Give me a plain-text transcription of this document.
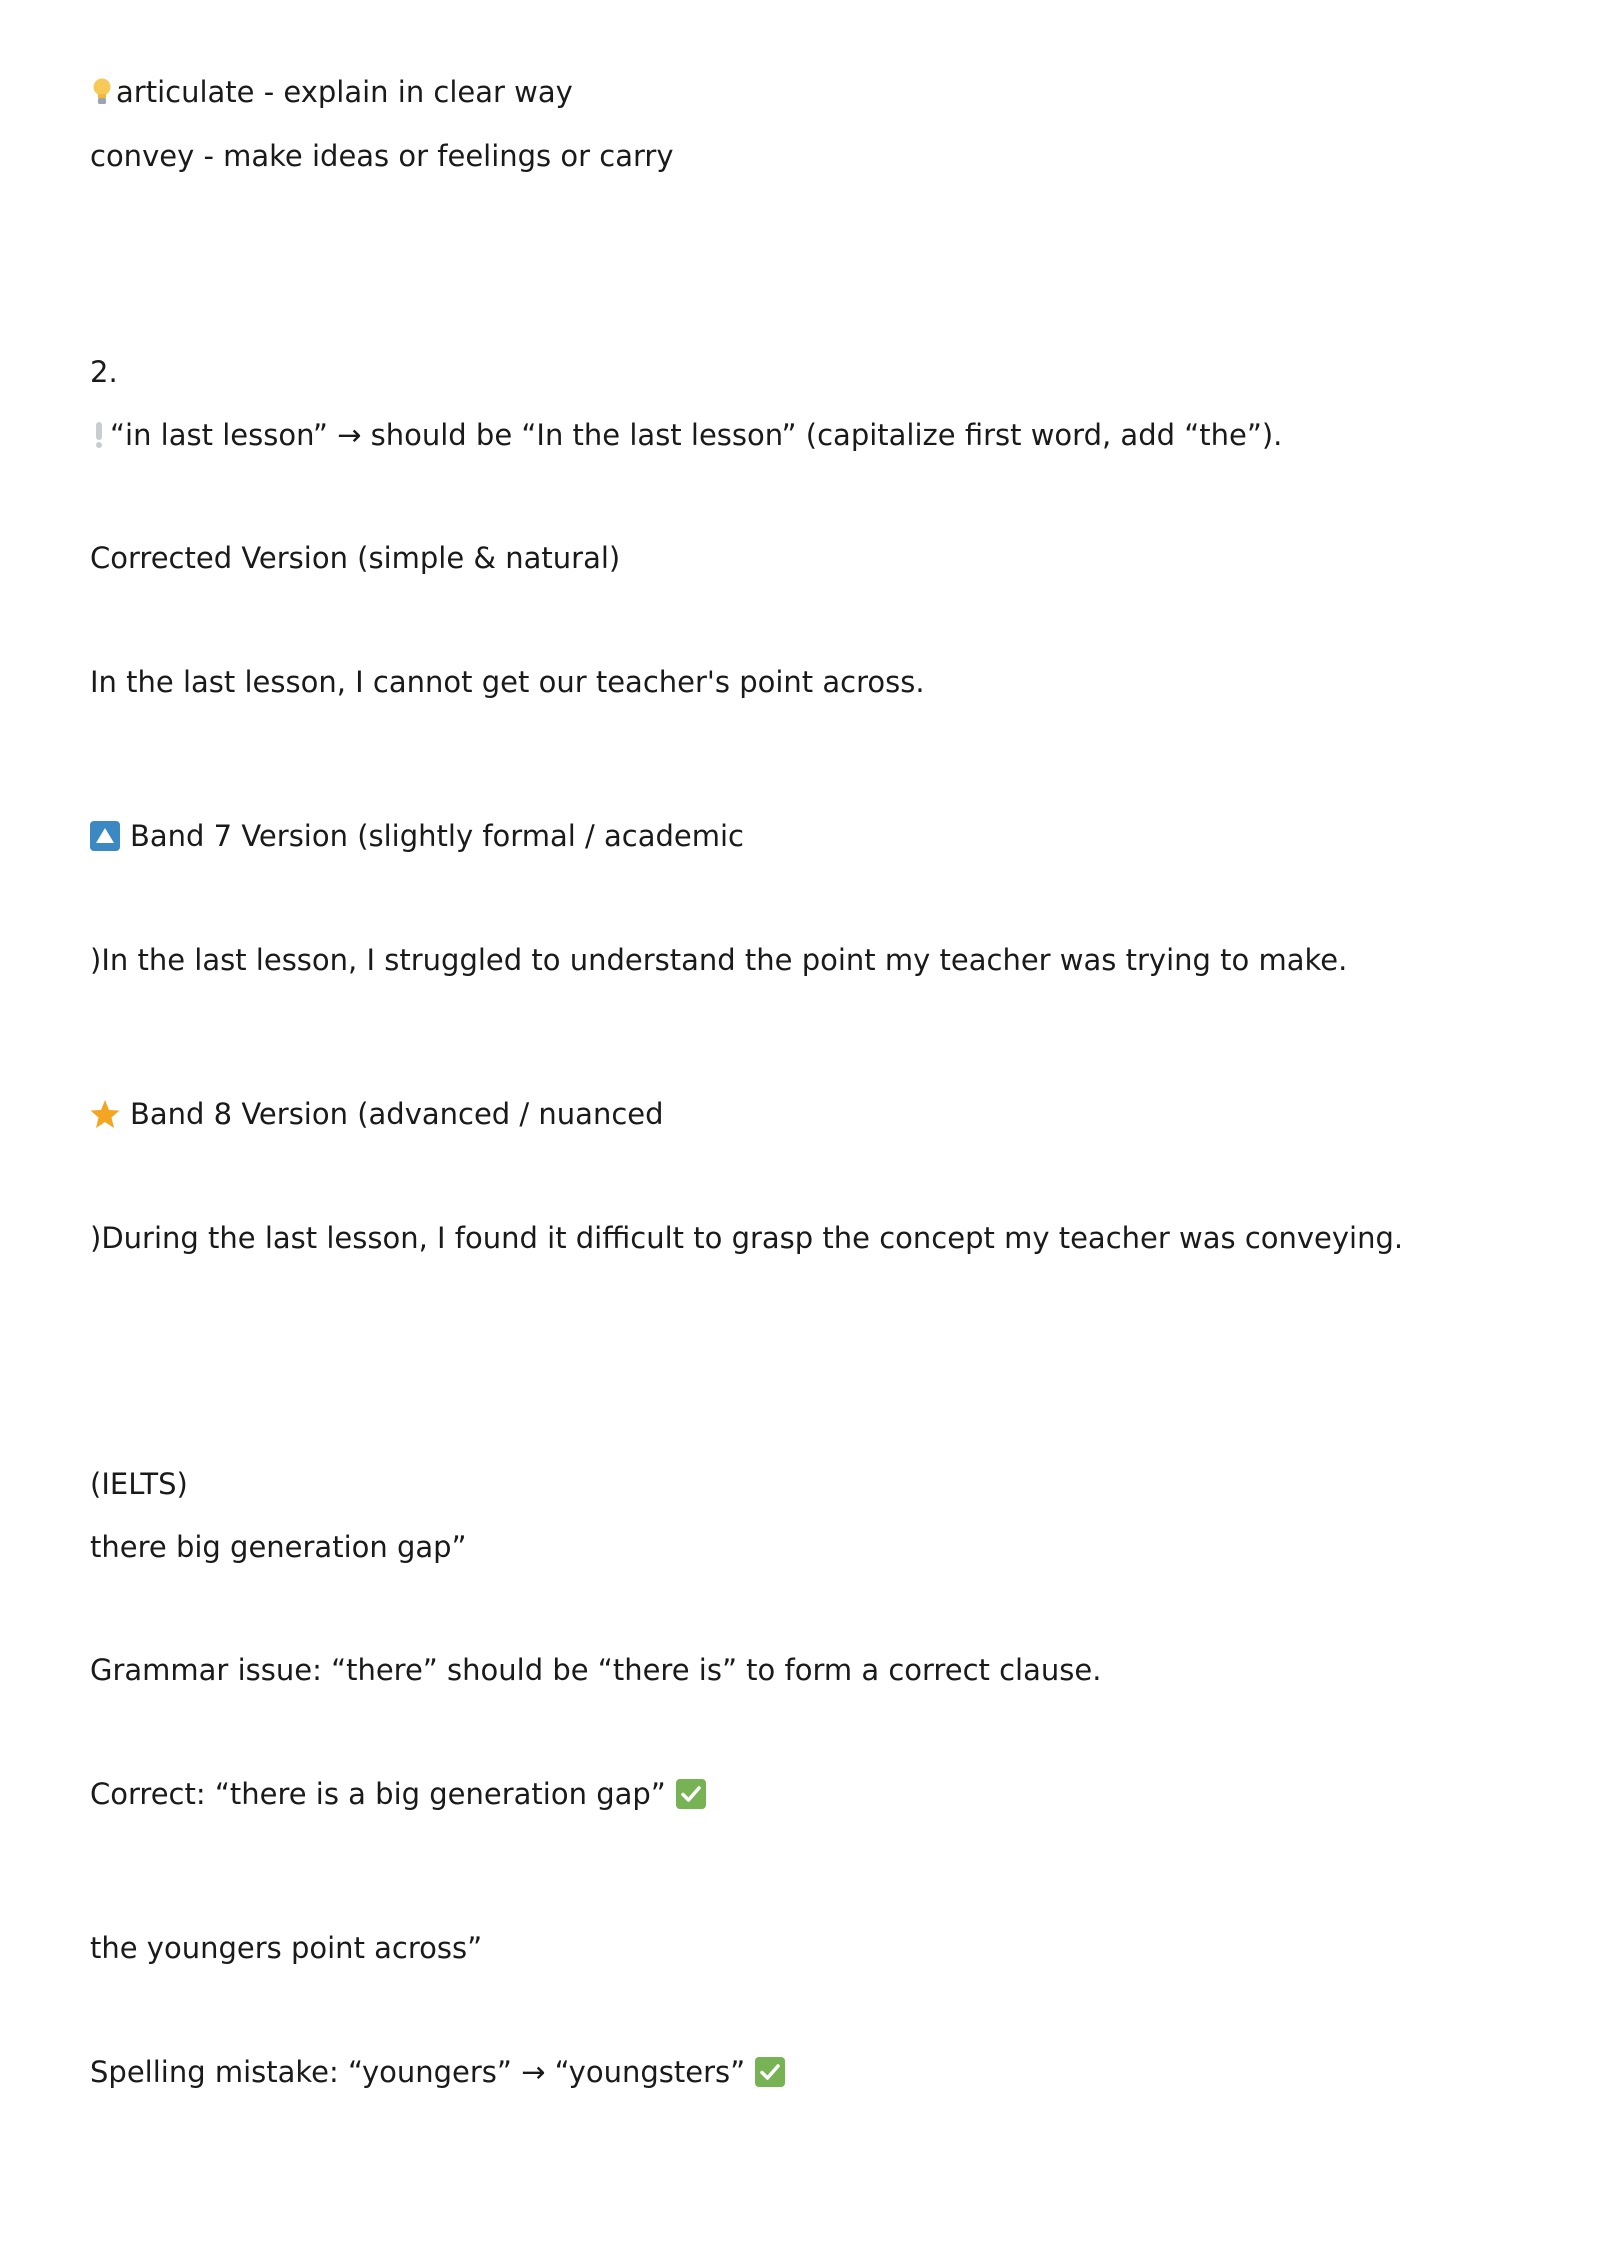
articulate - explain in clear way
convey - make ideas or feelings or carry
2.
“in last lesson” → should be “In the last lesson” (capitalize first word, add “the”).
Corrected Version (simple & natural)
In the last lesson, I cannot get our teacher's point across.
Band 7 Version (slightly formal / academic
)In the last lesson, I struggled to understand the point my teacher was trying to make.
Band 8 Version (advanced / nuanced
)During the last lesson, I found it difficult to grasp the concept my teacher was conveying.
(IELTS)
there big generation gap”
Grammar issue: “there” should be “there is” to form a correct clause.
Correct: “there is a big generation gap”
the youngers point across”
Spelling mistake: “youngers” → “youngsters”
